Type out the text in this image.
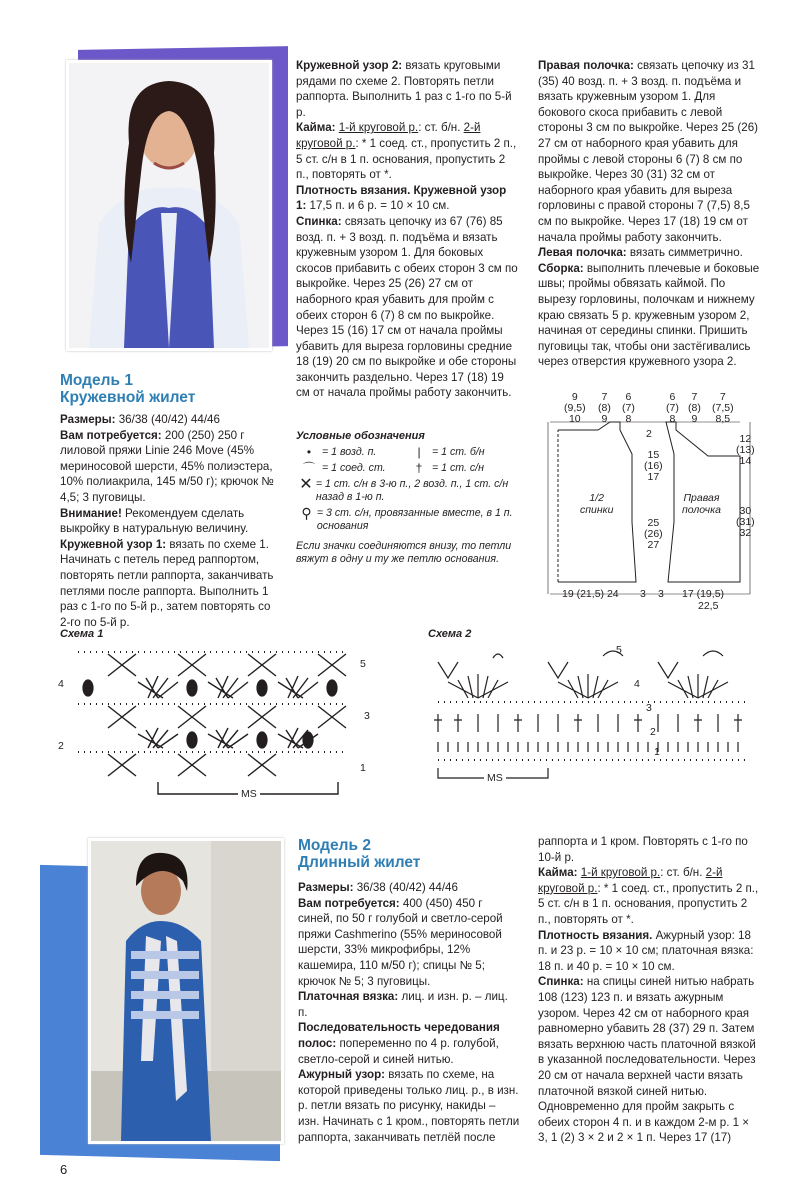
Модель 1
Кружевной жилет

Размеры: 36/38 (40/42) 44/46

Вам потребуется: 200 (250) 250 г лиловой пряжи Linie 246 Move (45% мериносовой шерсти, 45% полиэстера, 10% полиакрила, 145 м/50 г); крючок № 4,5; 3 пуговицы.

Внимание! Рекомендуем сделать выкройку в натуральную величину.

Кружевной узор 1: вязать по схеме 1. Начинать с петель перед раппортом, повторять петли раппорта, заканчивать петлями после раппорта. Выполнить 1 раз с 1-го по 5-й р., затем повторять со 2-го по 5-й р.

Кружевной узор 2: вязать круговыми рядами по схеме 2. Повторять петли раппорта. Выполнить 1 раз с 1-го по 5-й р.

Кайма: 1-й круговой р.: ст. б/н. 2-й круговой р.: * 1 соед. ст., пропустить 2 п., 5 ст. с/н в 1 п. основания, пропустить 2 п., повторять от *.

Плотность вязания. Кружевной узор 1: 17,5 п. и 6 р. = 10 × 10 см.

Спинка: связать цепочку из 67 (76) 85 возд. п. + 3 возд. п. подъёма и вязать кружевным узором 1. Для боковых скосов прибавить с обеих сторон 3 см по выкройке. Через 25 (26) 27 см от наборного края убавить для пройм с обеих сторон 6 (7) 8 см по выкройке. Через 15 (16) 17 см от начала проймы убавить для выреза горловины средние 18 (19) 20 см по выкройке и обе стороны закончить раздельно. Через 17 (18) 19 см от начала проймы работу закончить.

Условные обозначения
•	= 1 возд. п.	|	= 1 ст. б/н
⌒ = 1 соед. ст.	† = 1 ст. с/н
✕ = 1 ст. с/н в 3-ю п., 2 возд. п., 1 ст. с/н назад в 1-ю п.
⚲ = 3 ст. с/н, провязанные вместе, в 1 п. основания
Если значки соединяются внизу, то петли вяжут в одну и ту же петлю основания.

Правая полочка: связать цепочку из 31 (35) 40 возд. п. + 3 возд. п. подъёма и вязать кружевным узором 1. Для бокового скоса прибавить с левой стороны 3 см по выкройке. Через 25 (26) 27 см от наборного края убавить для проймы с левой стороны 6 (7) 8 см по выкройке. Через 30 (31) 32 см от наборного края убавить для выреза горловины с правой стороны 7 (7,5) 8,5 см по выкройке. Через 17 (18) 19 см от начала проймы работу закончить.

Левая полочка: вязать симметрично.

Сборка: выполнить плечевые и боковые швы; проймы обвязать каймой. По вырезу горловины, полочкам и нижнему краю связать 5 р. кружевным узором 2, начиная от середины спинки. Пришить пуговицы так, чтобы они застёгивались через отверстия кружевного узора 2.

9
(9,5)
10
7
(8)
9
6
(7)
8
6
(7)
8
7
(8)
9
7
(7,5)
8,5
2
15
(16)
17
25
(26)
27
1/2
спинки
Правая
полочка
12
(13)
14
30
(31)
32
19 (21,5) 24 3 3 17 (19,5)
22,5
Схема 1	Схема 2
5
4
3
2
1
MS
5
4
3
2
1
MS
Модель 2
Длинный жилет

Размеры: 36/38 (40/42) 44/46

Вам потребуется: 400 (450) 450 г синей, по 50 г голубой и светло-серой пряжи Cashmerino (55% мериносовой шерсти, 33% микрофибры, 12% кашемира, 110 м/50 г); спицы № 5; крючок № 5; 3 пуговицы.

Платочная вязка: лиц. и изн. р. – лиц. п.

Последовательность чередования полос: попеременно по 4 р. голубой, светло-серой и синей нитью.

Ажурный узор: вязать по схеме, на которой приведены только лиц. р., в изн. р. петли вязать по рисунку, накиды – изн. Начинать с 1 кром., повторять петли раппорта, заканчивать петлёй после

раппорта и 1 кром. Повторять с 1-го по 10-й р.

Кайма: 1-й круговой р.: ст. б/н. 2-й круговой р.: * 1 соед. ст., пропустить 2 п., 5 ст. с/н в 1 п. основания, пропустить 2 п., повторять от *.

Плотность вязания. Ажурный узор: 18 п. и 23 р. = 10 × 10 см; платочная вязка: 18 п. и 40 р. = 10 × 10 см.

Спинка: на спицы синей нитью набрать 108 (123) 123 п. и вязать ажурным узором. Через 42 см от наборного края равномерно убавить 28 (37) 29 п. Затем вязать верхнюю часть платочной вязкой в указанной последовательности. Через 20 см от начала верхней части вязать платочной вязкой синей нитью. Одновременно для пройм закрыть с обеих сторон 4 п. и в каждом 2-м р. 1 × 3, 1 (2) 3 × 2 и 2 × 1 п. Через 17 (17)

6
